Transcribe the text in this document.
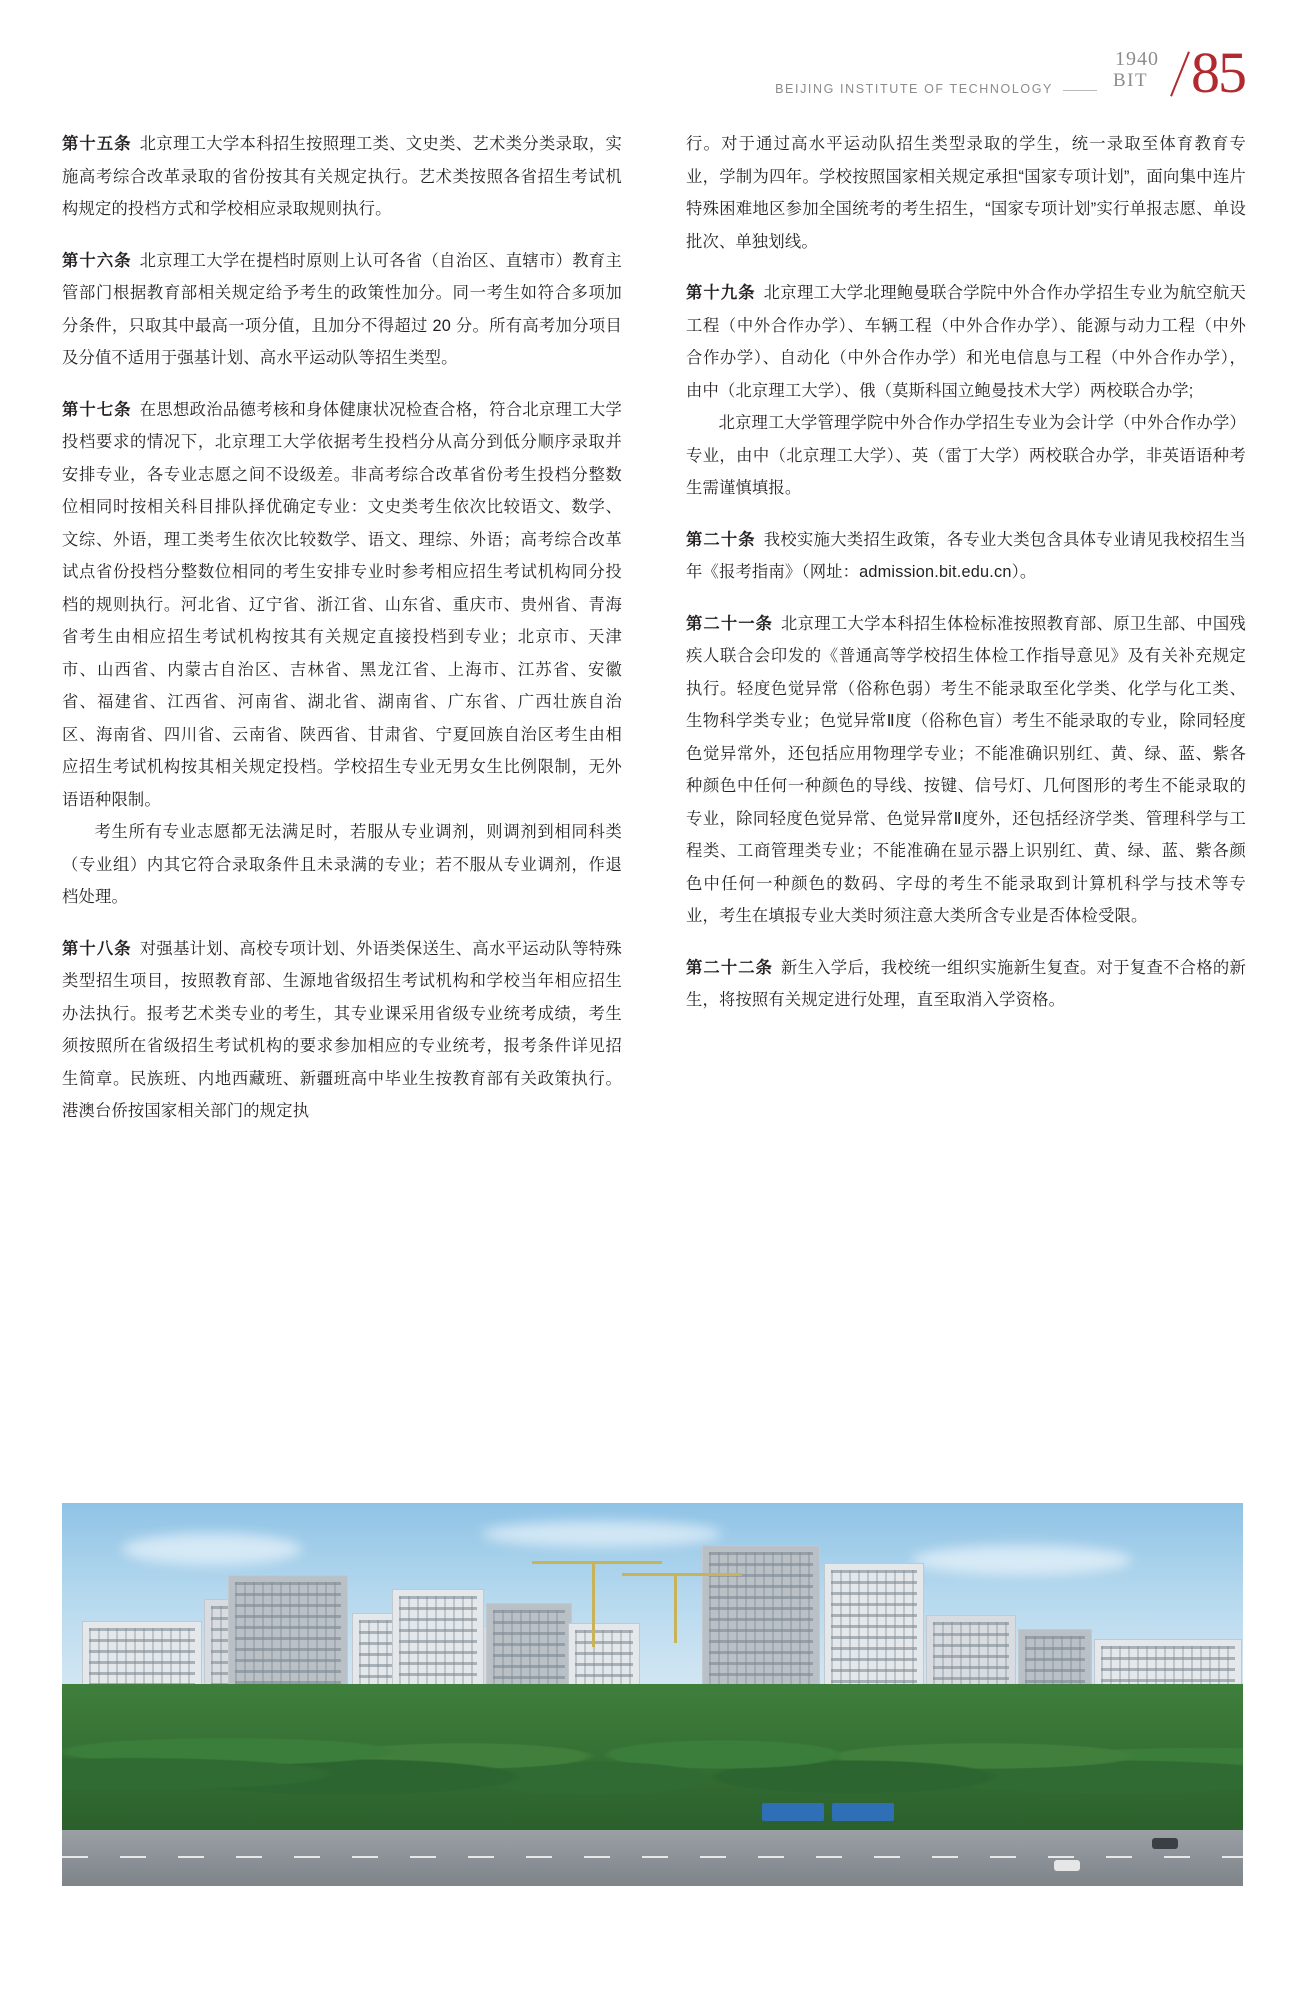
BEIJING INSTITUTE OF TECHNOLOGY
1940
BIT 85

第十五条 北京理工大学本科招生按照理工类、文史类、艺术类分类录取，实施高考综合改革录取的省份按其有关规定执行。艺术类按照各省招生考试机构规定的投档方式和学校相应录取规则执行。

第十六条 北京理工大学在提档时原则上认可各省（自治区、直辖市）教育主管部门根据教育部相关规定给予考生的政策性加分。同一考生如符合多项加分条件，只取其中最高一项分值，且加分不得超过 20 分。所有高考加分项目及分值不适用于强基计划、高水平运动队等招生类型。

第十七条 在思想政治品德考核和身体健康状况检查合格，符合北京理工大学投档要求的情况下，北京理工大学依据考生投档分从高分到低分顺序录取并安排专业，各专业志愿之间不设级差。非高考综合改革省份考生投档分整数位相同时按相关科目排队择优确定专业：文史类考生依次比较语文、数学、文综、外语，理工类考生依次比较数学、语文、理综、外语；高考综合改革试点省份投档分整数位相同的考生安排专业时参考相应招生考试机构同分投档的规则执行。河北省、辽宁省、浙江省、山东省、重庆市、贵州省、青海省考生由相应招生考试机构按其有关规定直接投档到专业；北京市、天津市、山西省、内蒙古自治区、吉林省、黑龙江省、上海市、江苏省、安徽省、福建省、江西省、河南省、湖北省、湖南省、广东省、广西壮族自治区、海南省、四川省、云南省、陕西省、甘肃省、宁夏回族自治区考生由相应招生考试机构按其相关规定投档。学校招生专业无男女生比例限制，无外语语种限制。

考生所有专业志愿都无法满足时，若服从专业调剂，则调剂到相同科类（专业组）内其它符合录取条件且未录满的专业；若不服从专业调剂，作退档处理。

第十八条 对强基计划、高校专项计划、外语类保送生、高水平运动队等特殊类型招生项目，按照教育部、生源地省级招生考试机构和学校当年相应招生办法执行。报考艺术类专业的考生，其专业课采用省级专业统考成绩，考生须按照所在省级招生考试机构的要求参加相应的专业统考，报考条件详见招生简章。民族班、内地西藏班、新疆班高中毕业生按教育部有关政策执行。港澳台侨按国家相关部门的规定执

行。对于通过高水平运动队招生类型录取的学生，统一录取至体育教育专业，学制为四年。学校按照国家相关规定承担“国家专项计划”，面向集中连片特殊困难地区参加全国统考的考生招生，“国家专项计划”实行单报志愿、单设批次、单独划线。

第十九条 北京理工大学北理鲍曼联合学院中外合作办学招生专业为航空航天工程（中外合作办学）、车辆工程（中外合作办学）、能源与动力工程（中外合作办学）、自动化（中外合作办学）和光电信息与工程（中外合作办学），由中（北京理工大学）、俄（莫斯科国立鲍曼技术大学）两校联合办学;

北京理工大学管理学院中外合作办学招生专业为会计学（中外合作办学）专业，由中（北京理工大学）、英（雷丁大学）两校联合办学，非英语语种考生需谨慎填报。

第二十条 我校实施大类招生政策，各专业大类包含具体专业请见我校招生当年《报考指南》（网址：admission.bit.edu.cn）。

第二十一条 北京理工大学本科招生体检标准按照教育部、原卫生部、中国残疾人联合会印发的《普通高等学校招生体检工作指导意见》及有关补充规定执行。轻度色觉异常（俗称色弱）考生不能录取至化学类、化学与化工类、生物科学类专业；色觉异常Ⅱ度（俗称色盲）考生不能录取的专业，除同轻度色觉异常外，还包括应用物理学专业；不能准确识别红、黄、绿、蓝、紫各种颜色中任何一种颜色的导线、按键、信号灯、几何图形的考生不能录取的专业，除同轻度色觉异常、色觉异常Ⅱ度外，还包括经济学类、管理科学与工程类、工商管理类专业；不能准确在显示器上识别红、黄、绿、蓝、紫各颜色中任何一种颜色的数码、字母的考生不能录取到计算机科学与技术等专业，考生在填报专业大类时须注意大类所含专业是否体检受限。

第二十二条 新生入学后，我校统一组织实施新生复查。对于复查不合格的新生，将按照有关规定进行处理，直至取消入学资格。
